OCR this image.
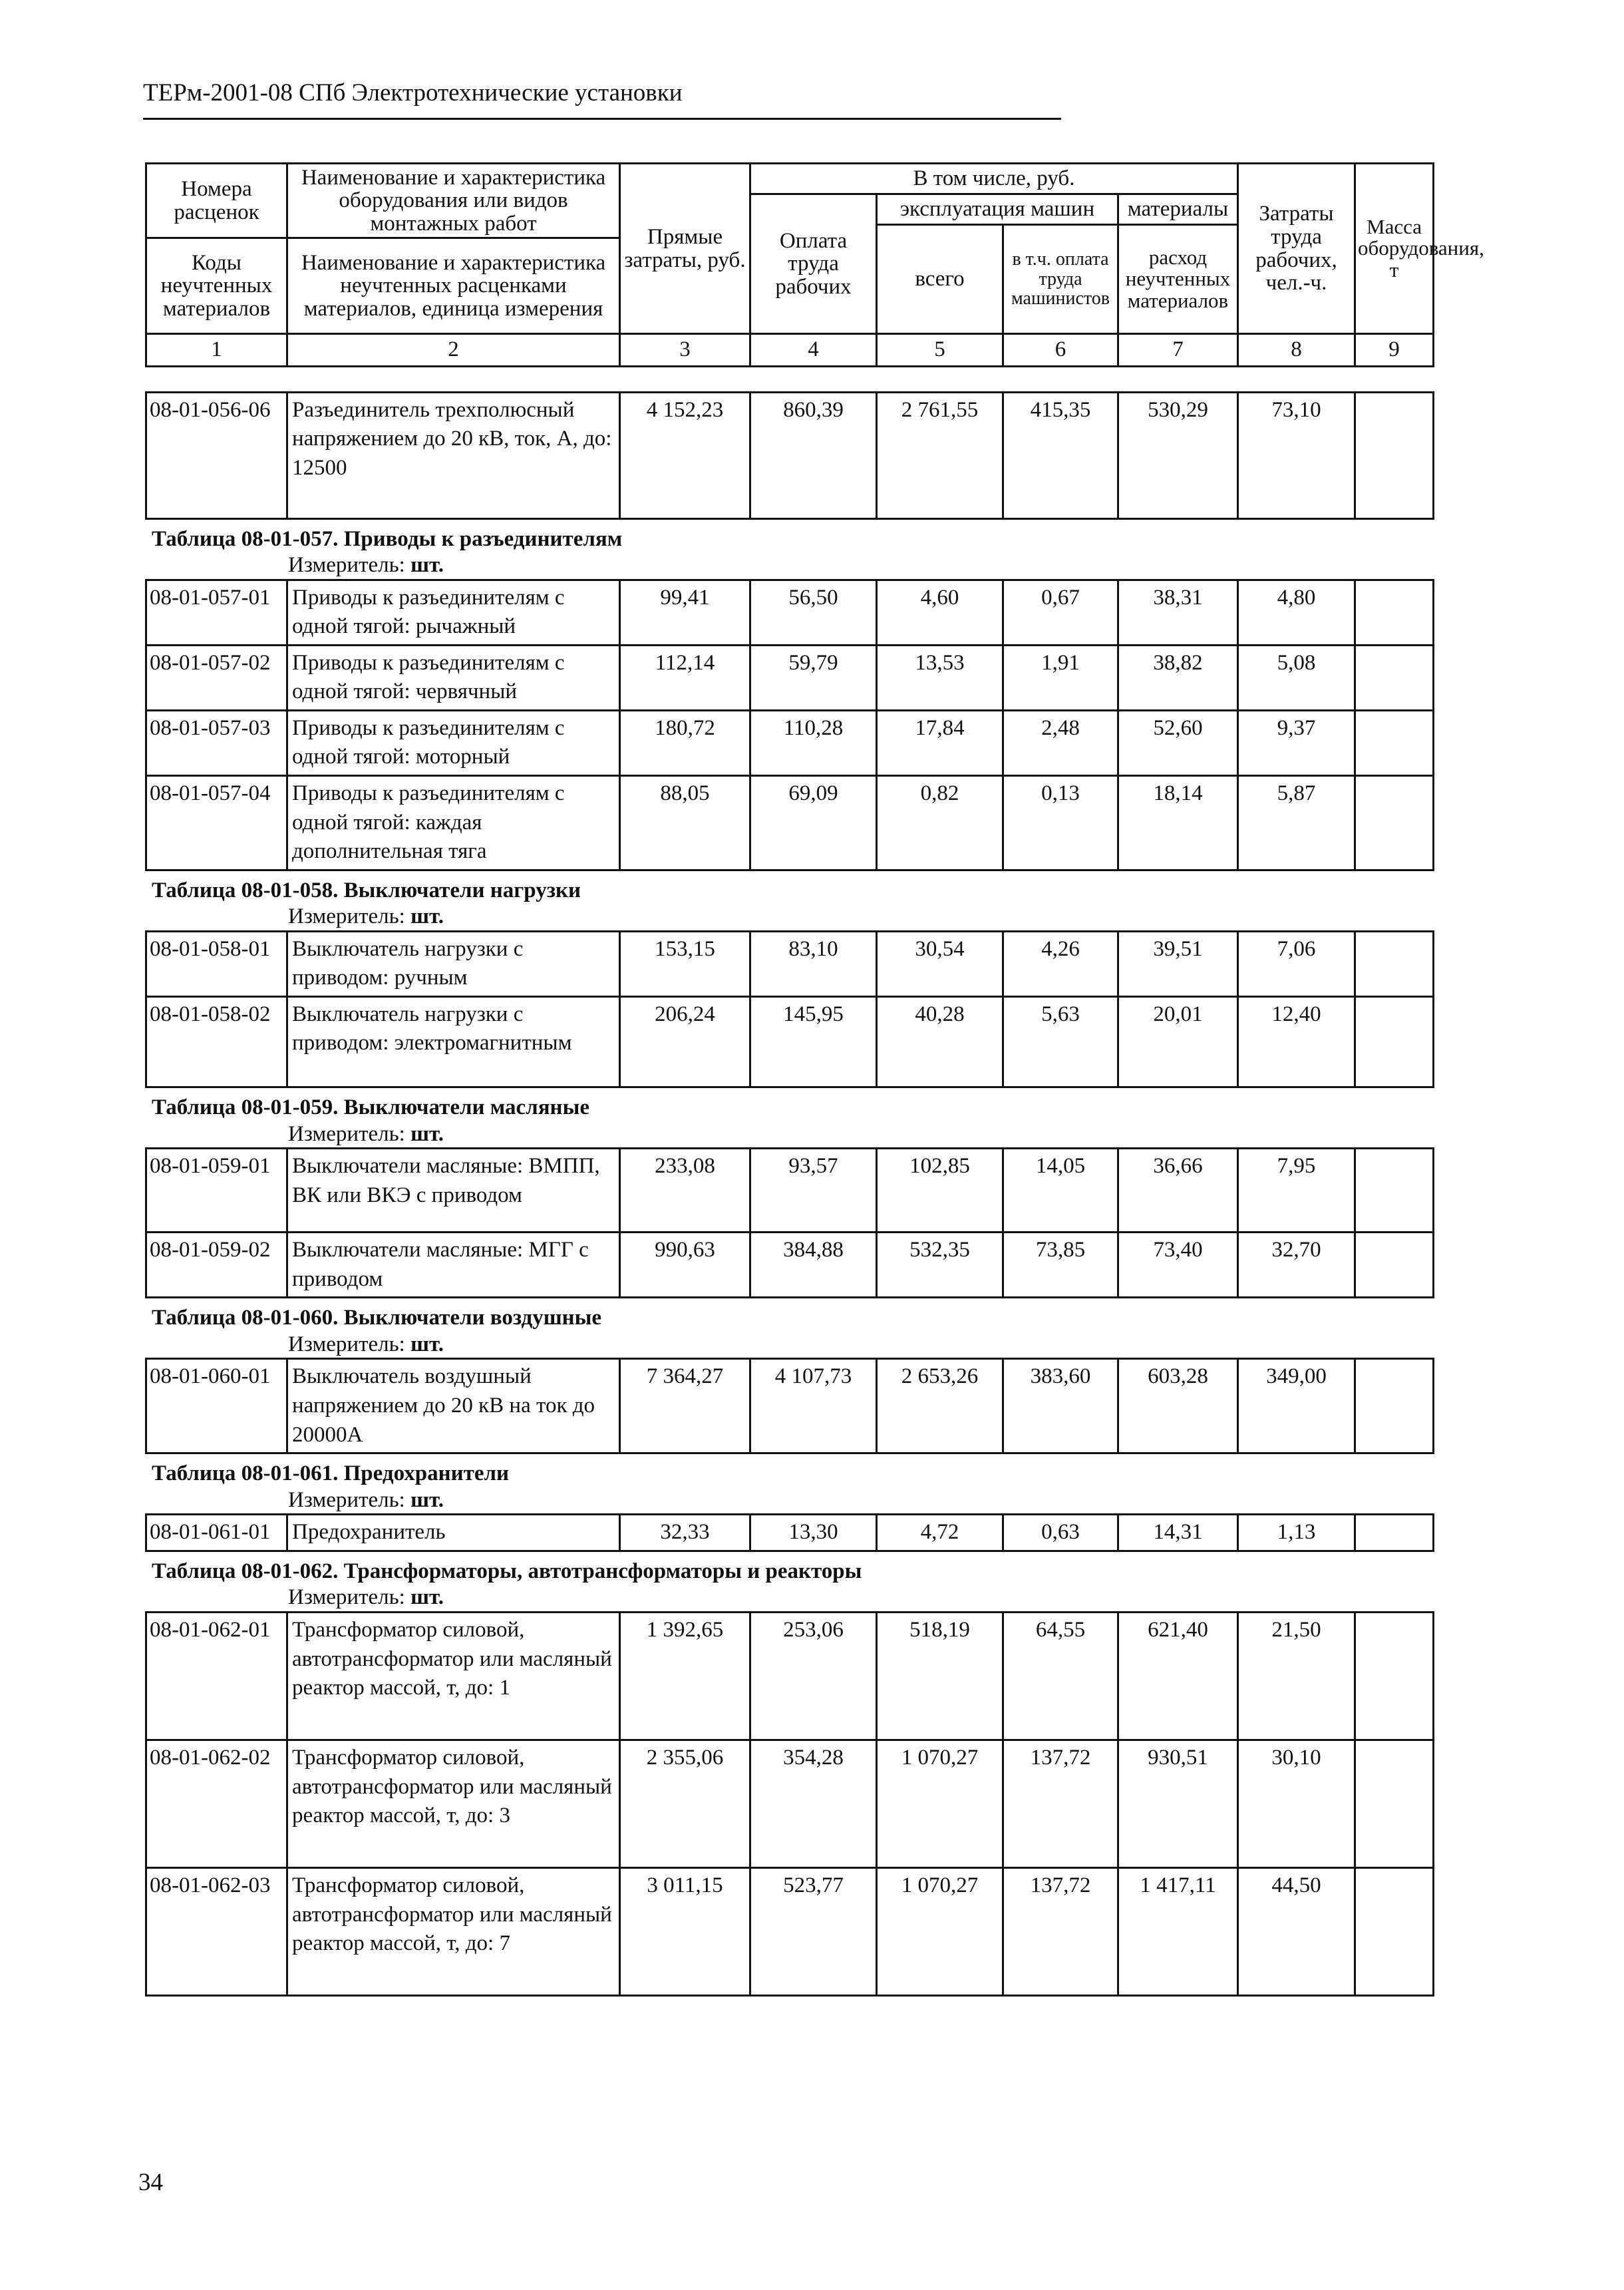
ТЕРм-2001-08 СПб Электротехнические установки
Номера расценок	Наименование и характеристика оборудования или видов монтажных работ	Прямые затраты, руб.	В том числе, руб.				Затраты труда рабочих, чел.-ч.	Масса оборудования, т
			Оплата труда рабочих	эксплуатация машин		материалы		
				всего	в т.ч. оплата труда машинистов	расход неучтенных материалов		
Коды неучтенных материалов	Наименование и характеристика неучтенных расценками материалов, единица измерения							

1	2	3	4	5	6	7	8	9
08-01-056-06	Разъединитель трехполюсный напряжением до 20 кВ, ток, А, до: 12500	4 152,23	860,39	2 761,55	415,35	530,29	73,10	
Таблица 08-01-057. Приводы к разъединителям
Измеритель: шт.
08-01-057-01	Приводы к разъединителям с одной тягой: рычажный	99,41	56,50	4,60	0,67	38,31	4,80	
08-01-057-02	Приводы к разъединителям с одной тягой: червячный	112,14	59,79	13,53	1,91	38,82	5,08	
08-01-057-03	Приводы к разъединителям с одной тягой: моторный	180,72	110,28	17,84	2,48	52,60	9,37	
08-01-057-04	Приводы к разъединителям с одной тягой: каждая дополнительная тяга	88,05	69,09	0,82	0,13	18,14	5,87	
Таблица 08-01-058. Выключатели нагрузки
Измеритель: шт.
08-01-058-01	Выключатель нагрузки с приводом: ручным	153,15	83,10	30,54	4,26	39,51	7,06	
08-01-058-02	Выключатель нагрузки с приводом: электромагнитным	206,24	145,95	40,28	5,63	20,01	12,40	
Таблица 08-01-059. Выключатели масляные
Измеритель: шт.
08-01-059-01	Выключатели масляные: ВМПП, ВК или ВКЭ с приводом	233,08	93,57	102,85	14,05	36,66	7,95	
08-01-059-02	Выключатели масляные: МГГ с приводом	990,63	384,88	532,35	73,85	73,40	32,70	
Таблица 08-01-060. Выключатели воздушные
Измеритель: шт.
08-01-060-01	Выключатель воздушный напряжением до 20 кВ на ток до 20000А	7 364,27	4 107,73	2 653,26	383,60	603,28	349,00	
Таблица 08-01-061. Предохранители
Измеритель: шт.
08-01-061-01	Предохранитель	32,33	13,30	4,72	0,63	14,31	1,13	
Таблица 08-01-062. Трансформаторы, автотрансформаторы и реакторы
Измеритель: шт.
08-01-062-01	Трансформатор силовой, автотрансформатор или масляный реактор массой, т, до: 1	1 392,65	253,06	518,19	64,55	621,40	21,50	
08-01-062-02	Трансформатор силовой, автотрансформатор или масляный реактор массой, т, до: 3	2 355,06	354,28	1 070,27	137,72	930,51	30,10	
08-01-062-03	Трансформатор силовой, автотрансформатор или масляный реактор массой, т, до: 7	3 011,15	523,77	1 070,27	137,72	1 417,11	44,50	
34
